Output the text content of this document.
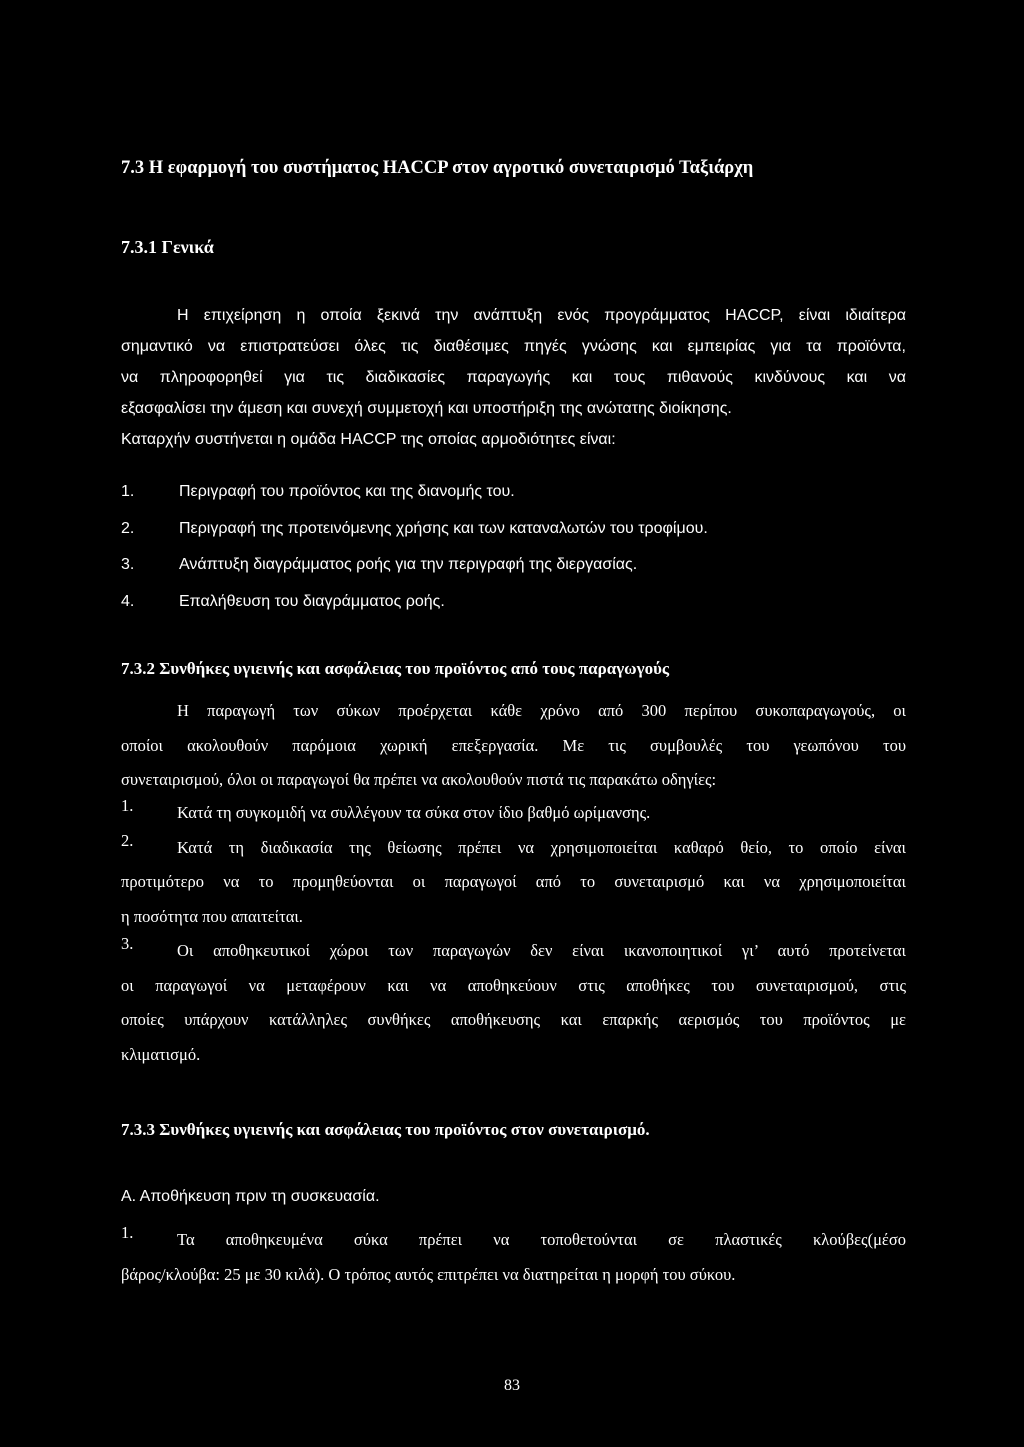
7.3 Η εφαρμογή του συστήματος HACCP στον αγροτικό συνεταιρισμό Ταξιάρχη
7.3.1 Γενικά
Η επιχείρηση η οποία ξεκινά την ανάπτυξη ενός προγράμματος HACCP, είναι ιδιαίτερα
σημαντικό να επιστρατεύσει όλες τις διαθέσιμες πηγές γνώσης και εμπειρίας για τα προϊόντα,
να πληροφορηθεί για τις διαδικασίες παραγωγής και τους πιθανούς κινδύνους και να
εξασφαλίσει την άμεση και συνεχή συμμετοχή και υποστήριξη της ανώτατης διοίκησης.
Καταρχήν συστήνεται η ομάδα HACCP της οποίας αρμοδιότητες είναι:
1.	Περιγραφή του προϊόντος και της διανομής του.
2.	Περιγραφή της προτεινόμενης χρήσης και των καταναλωτών του τροφίμου.
3.	Ανάπτυξη διαγράμματος ροής για την περιγραφή της διεργασίας.
4.	Επαλήθευση του διαγράμματος ροής.
7.3.2 Συνθήκες υγιεινής και ασφάλειας του προϊόντος από τους παραγωγούς
Η παραγωγή των σύκων προέρχεται κάθε χρόνο από 300 περίπου συκοπαραγωγούς, οι
οποίοι ακολουθούν παρόμοια χωρική επεξεργασία. Με τις συμβουλές του γεωπόνου του
συνεταιρισμού, όλοι οι παραγωγοί θα πρέπει να ακολουθούν πιστά τις παρακάτω οδηγίες:
1.	Κατά τη συγκομιδή να συλλέγουν τα σύκα στον ίδιο βαθμό ωρίμανσης.
2.	Κατά τη διαδικασία της θείωσης πρέπει να χρησιμοποιείται καθαρό θείο, το οποίο είναι
προτιμότερο να το προμηθεύονται οι παραγωγοί από το συνεταιρισμό και να χρησιμοποιείται
η ποσότητα που απαιτείται.
3.	Οι αποθηκευτικοί χώροι των παραγωγών δεν είναι ικανοποιητικοί γι’ αυτό προτείνεται
οι παραγωγοί να μεταφέρουν και να αποθηκεύουν στις αποθήκες του συνεταιρισμού, στις
οποίες υπάρχουν κατάλληλες συνθήκες αποθήκευσης και επαρκής αερισμός του προϊόντος με
κλιματισμό.
7.3.3 Συνθήκες υγιεινής και ασφάλειας του προϊόντος στον συνεταιρισμό.
Α. Αποθήκευση πριν τη συσκευασία.
1.	Τα αποθηκευμένα σύκα πρέπει να τοποθετούνται σε πλαστικές κλούβες(μέσο
βάρος/κλούβα: 25 με 30 κιλά). Ο τρόπος αυτός επιτρέπει να διατηρείται η μορφή του σύκου.
83
